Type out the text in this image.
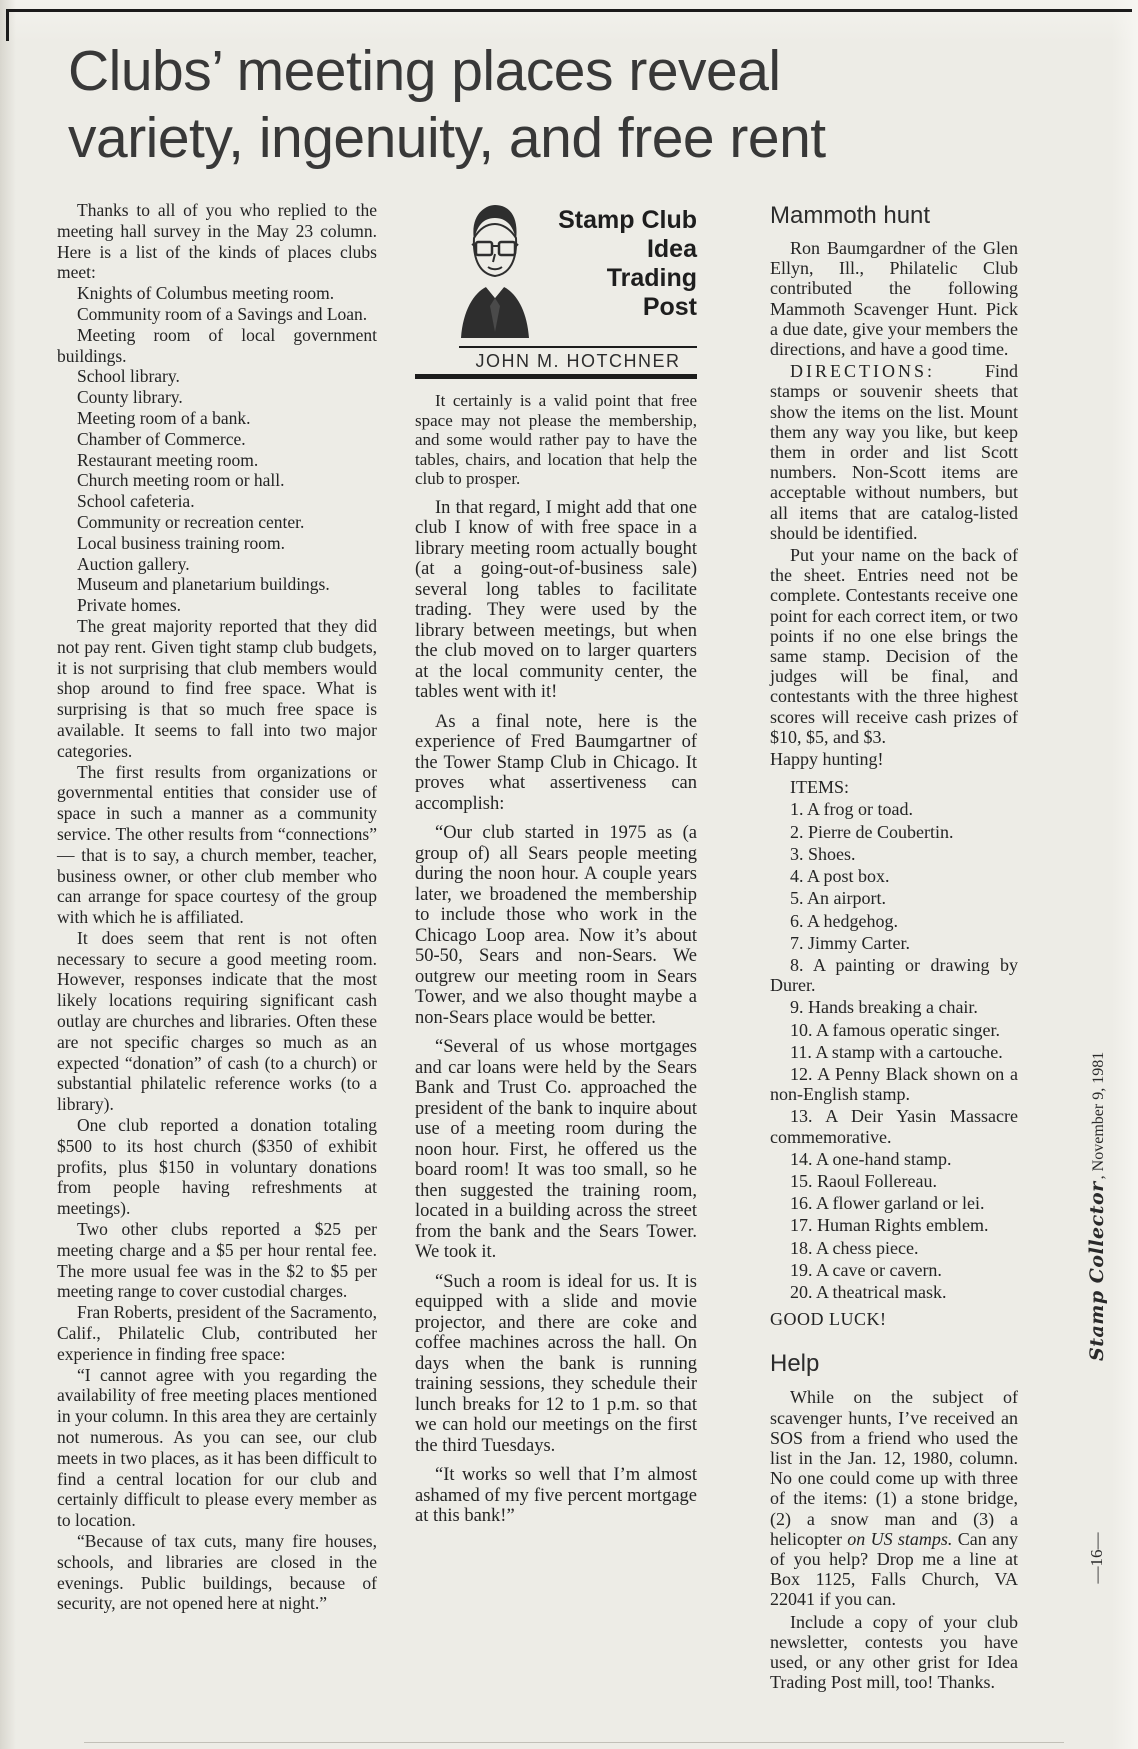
Clubs’ meeting places reveal
variety, ingenuity, and free rent
Thanks to all of you who replied to the meeting hall survey in the May 23 column. Here is a list of the kinds of places clubs meet:
Knights of Columbus meeting room.
Community room of a Savings and Loan.
Meeting room of local government buildings.
School library.
County library.
Meeting room of a bank.
Chamber of Commerce.
Restaurant meeting room.
Church meeting room or hall.
School cafeteria.
Community or recreation center.
Local business training room.
Auction gallery.
Museum and planetarium buildings.
Private homes.
The great majority reported that they did not pay rent. Given tight stamp club budgets, it is not surprising that club members would shop around to find free space. What is surprising is that so much free space is available. It seems to fall into two major categories.
The first results from organizations or governmental entities that consider use of space in such a manner as a community service. The other results from “connections” — that is to say, a church member, teacher, business owner, or other club member who can arrange for space courtesy of the group with which he is affiliated.
It does seem that rent is not often necessary to secure a good meeting room. However, responses indicate that the most likely locations requiring significant cash outlay are churches and libraries. Often these are not specific charges so much as an expected “donation” of cash (to a church) or substantial philatelic reference works (to a library).
One club reported a donation totaling $500 to its host church ($350 of exhibit profits, plus $150 in voluntary donations from people having refreshments at meetings).
Two other clubs reported a $25 per meeting charge and a $5 per hour rental fee. The more usual fee was in the $2 to $5 per meeting range to cover custodial charges.
Fran Roberts, president of the Sacramento, Calif., Philatelic Club, contributed her experience in finding free space:
“I cannot agree with you regarding the availability of free meeting places mentioned in your column. In this area they are certainly not numerous. As you can see, our club meets in two places, as it has been difficult to find a central location for our club and certainly difficult to please every member as to location.
“Because of tax cuts, many fire houses, schools, and libraries are closed in the evenings. Public buildings, because of security, are not opened here at night.”
Stamp Club
Idea
Trading
Post
JOHN M. HOTCHNER
It certainly is a valid point that free space may not please the membership, and some would rather pay to have the tables, chairs, and location that help the club to prosper.
In that regard, I might add that one club I know of with free space in a library meeting room actually bought (at a going-out-of-business sale) several long tables to facilitate trading. They were used by the library between meetings, but when the club moved on to larger quarters at the local community center, the tables went with it!
As a final note, here is the experience of Fred Baumgartner of the Tower Stamp Club in Chicago. It proves what assertiveness can accomplish:
“Our club started in 1975 as (a group of) all Sears people meeting during the noon hour. A couple years later, we broadened the membership to include those who work in the Chicago Loop area. Now it’s about 50-50, Sears and non-Sears. We outgrew our meeting room in Sears Tower, and we also thought maybe a non-Sears place would be better.
“Several of us whose mortgages and car loans were held by the Sears Bank and Trust Co. approached the president of the bank to inquire about use of a meeting room during the noon hour. First, he offered us the board room! It was too small, so he then suggested the training room, located in a building across the street from the bank and the Sears Tower. We took it.
“Such a room is ideal for us. It is equipped with a slide and movie projector, and there are coke and coffee machines across the hall. On days when the bank is running training sessions, they schedule their lunch breaks for 12 to 1 p.m. so that we can hold our meetings on the first the third Tuesdays.
“It works so well that I’m almost ashamed of my five percent mortgage at this bank!”
Mammoth hunt
Ron Baumgardner of the Glen Ellyn, Ill., Philatelic Club contributed the following Mammoth Scavenger Hunt. Pick a due date, give your members the directions, and have a good time.
DIRECTIONS: Find stamps or souvenir sheets that show the items on the list. Mount them any way you like, but keep them in order and list Scott numbers. Non-Scott items are acceptable without numbers, but all items that are catalog-listed should be identified.
Put your name on the back of the sheet. Entries need not be complete. Contestants receive one point for each correct item, or two points if no one else brings the same stamp. Decision of the judges will be final, and contestants with the three highest scores will receive cash prizes of $10, $5, and $3.
Happy hunting!
ITEMS:
1. A frog or toad.
2. Pierre de Coubertin.
3. Shoes.
4. A post box.
5. An airport.
6. A hedgehog.
7. Jimmy Carter.
8. A painting or drawing by Durer.
9. Hands breaking a chair.
10. A famous operatic singer.
11. A stamp with a cartouche.
12. A Penny Black shown on a non-English stamp.
13. A Deir Yasin Massacre commemorative.
14. A one-hand stamp.
15. Raoul Follereau.
16. A flower garland or lei.
17. Human Rights emblem.
18. A chess piece.
19. A cave or cavern.
20. A theatrical mask.
GOOD LUCK!
Help
While on the subject of scavenger hunts, I’ve received an SOS from a friend who used the list in the Jan. 12, 1980, column. No one could come up with three of the items: (1) a stone bridge, (2) a snow man and (3) a helicopter on US stamps. Can any of you help? Drop me a line at Box 1125, Falls Church, VA 22041 if you can.
Include a copy of your club newsletter, contests you have used, or any other grist for Idea Trading Post mill, too! Thanks.
Stamp Collector, November 9, 1981
—16—
